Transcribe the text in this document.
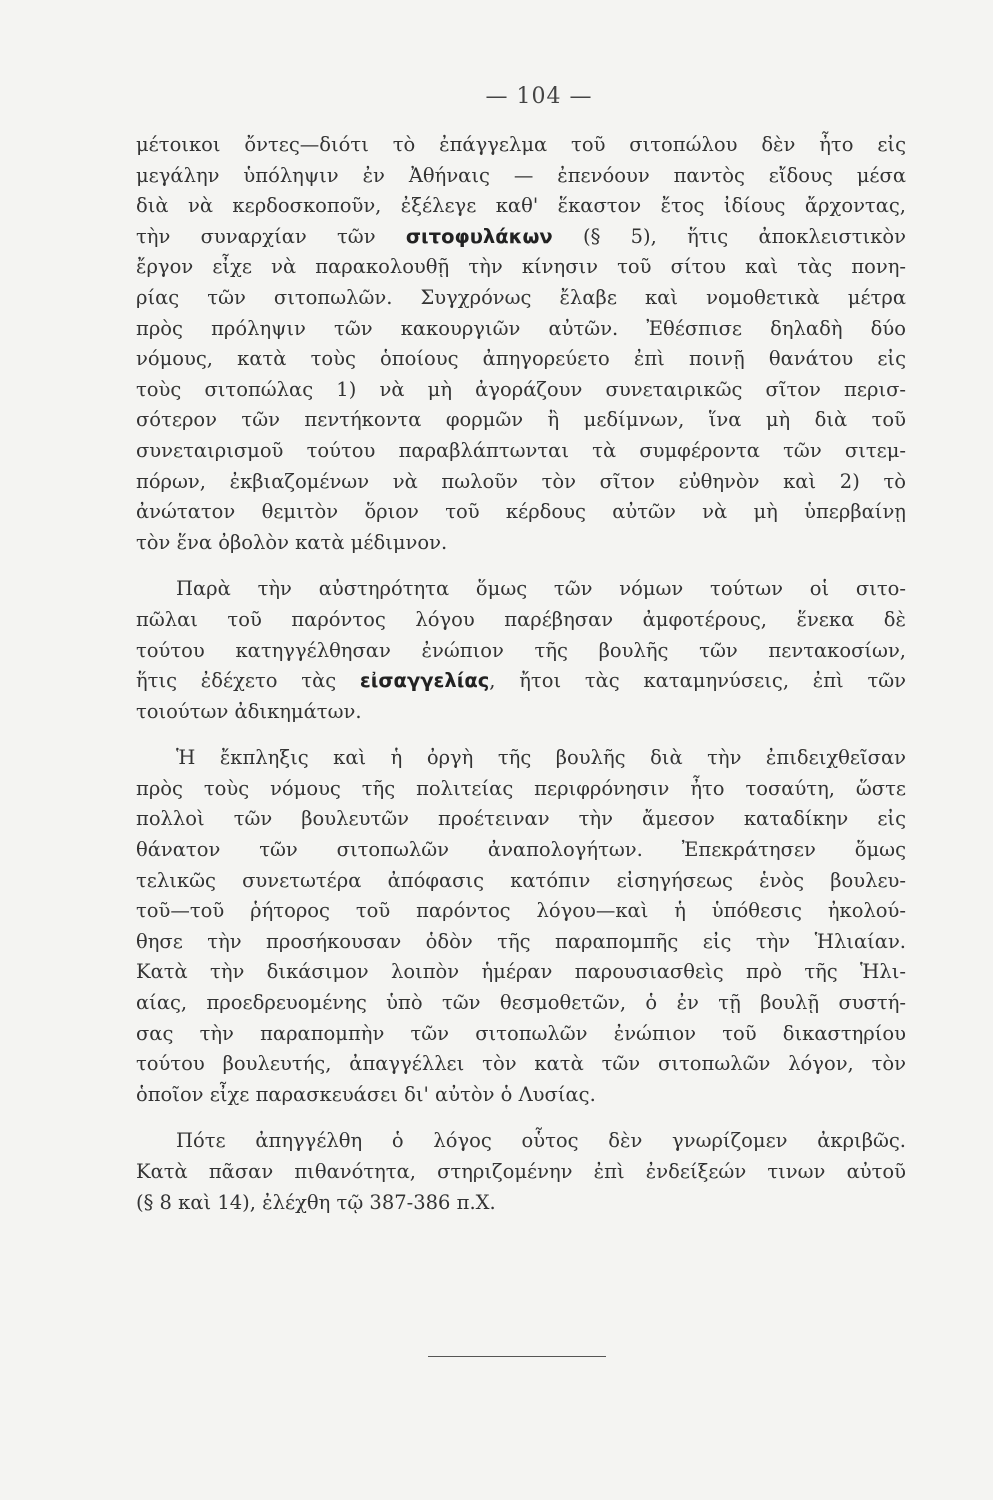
— 104 —
μέτοικοι ὄντες—διότι τὸ ἐπάγγελμα τοῦ σιτοπώλου δὲν ἦτο εἰς
μεγάλην ὑπόληψιν ἐν Ἀθήναις — ἐπενόουν παντὸς εἴδους μέσα
διὰ νὰ κερδοσκοποῦν, ἐξέλεγε καθ' ἕκαστον ἔτος ἰδίους ἄρχοντας,
τὴν συναρχίαν τῶν σιτοφυλάκων (§ 5), ἥτις ἀποκλειστικὸν
ἔργον εἶχε νὰ παρακολουθῇ τὴν κίνησιν τοῦ σίτου καὶ τὰς πονη-
ρίας τῶν σιτοπωλῶν. Συγχρόνως ἔλαβε καὶ νομοθετικὰ μέτρα
πρὸς πρόληψιν τῶν κακουργιῶν αὐτῶν. Ἐθέσπισε δηλαδὴ δύο
νόμους, κατὰ τοὺς ὁποίους ἀπηγορεύετο ἐπὶ ποινῇ θανάτου εἰς
τοὺς σιτοπώλας 1) νὰ μὴ ἀγοράζουν συνεταιρικῶς σῖτον περισ-
σότερον τῶν πεντήκοντα φορμῶν ἢ μεδίμνων, ἵνα μὴ διὰ τοῦ
συνεταιρισμοῦ τούτου παραβλάπτωνται τὰ συμφέροντα τῶν σιτεμ-
πόρων, ἐκβιαζομένων νὰ πωλοῦν τὸν σῖτον εὐθηνὸν καὶ 2) τὸ
ἀνώτατον θεμιτὸν ὅριον τοῦ κέρδους αὐτῶν νὰ μὴ ὑπερβαίνῃ
τὸν ἕνα ὀβολὸν κατὰ μέδιμνον.
Παρὰ τὴν αὐστηρότητα ὅμως τῶν νόμων τούτων οἱ σιτο-
πῶλαι τοῦ παρόντος λόγου παρέβησαν ἀμφοτέρους, ἕνεκα δὲ
τούτου κατηγγέλθησαν ἐνώπιον τῆς βουλῆς τῶν πεντακοσίων,
ἥτις ἐδέχετο τὰς εἰσαγγελίας, ἤτοι τὰς καταμηνύσεις, ἐπὶ τῶν
τοιούτων ἀδικημάτων.
Ἡ ἔκπληξις καὶ ἡ ὀργὴ τῆς βουλῆς διὰ τὴν ἐπιδειχθεῖσαν
πρὸς τοὺς νόμους τῆς πολιτείας περιφρόνησιν ἦτο τοσαύτη, ὥστε
πολλοὶ τῶν βουλευτῶν προέτειναν τὴν ἄμεσον καταδίκην εἰς
θάνατον τῶν σιτοπωλῶν ἀναπολογήτων. Ἐπεκράτησεν ὅμως
τελικῶς συνετωτέρα ἀπόφασις κατόπιν εἰσηγήσεως ἑνὸς βουλευ-
τοῦ—τοῦ ῥήτορος τοῦ παρόντος λόγου—καὶ ἡ ὑπόθεσις ἠκολού-
θησε τὴν προσήκουσαν ὁδὸν τῆς παραπομπῆς εἰς τὴν Ἡλιαίαν.
Κατὰ τὴν δικάσιμον λοιπὸν ἡμέραν παρουσιασθεὶς πρὸ τῆς Ἡλι-
αίας, προεδρευομένης ὑπὸ τῶν θεσμοθετῶν, ὁ ἐν τῇ βουλῇ συστή-
σας τὴν παραπομπὴν τῶν σιτοπωλῶν ἐνώπιον τοῦ δικαστηρίου
τούτου βουλευτής, ἀπαγγέλλει τὸν κατὰ τῶν σιτοπωλῶν λόγον, τὸν
ὁποῖον εἶχε παρασκευάσει δι' αὐτὸν ὁ Λυσίας.
Πότε ἀπηγγέλθη ὁ λόγος οὗτος δὲν γνωρίζομεν ἀκριβῶς.
Κατὰ πᾶσαν πιθανότητα, στηριζομένην ἐπὶ ἐνδείξεών τινων αὐτοῦ
(§ 8 καὶ 14), ἐλέχθη τῷ 387-386 π.Χ.
